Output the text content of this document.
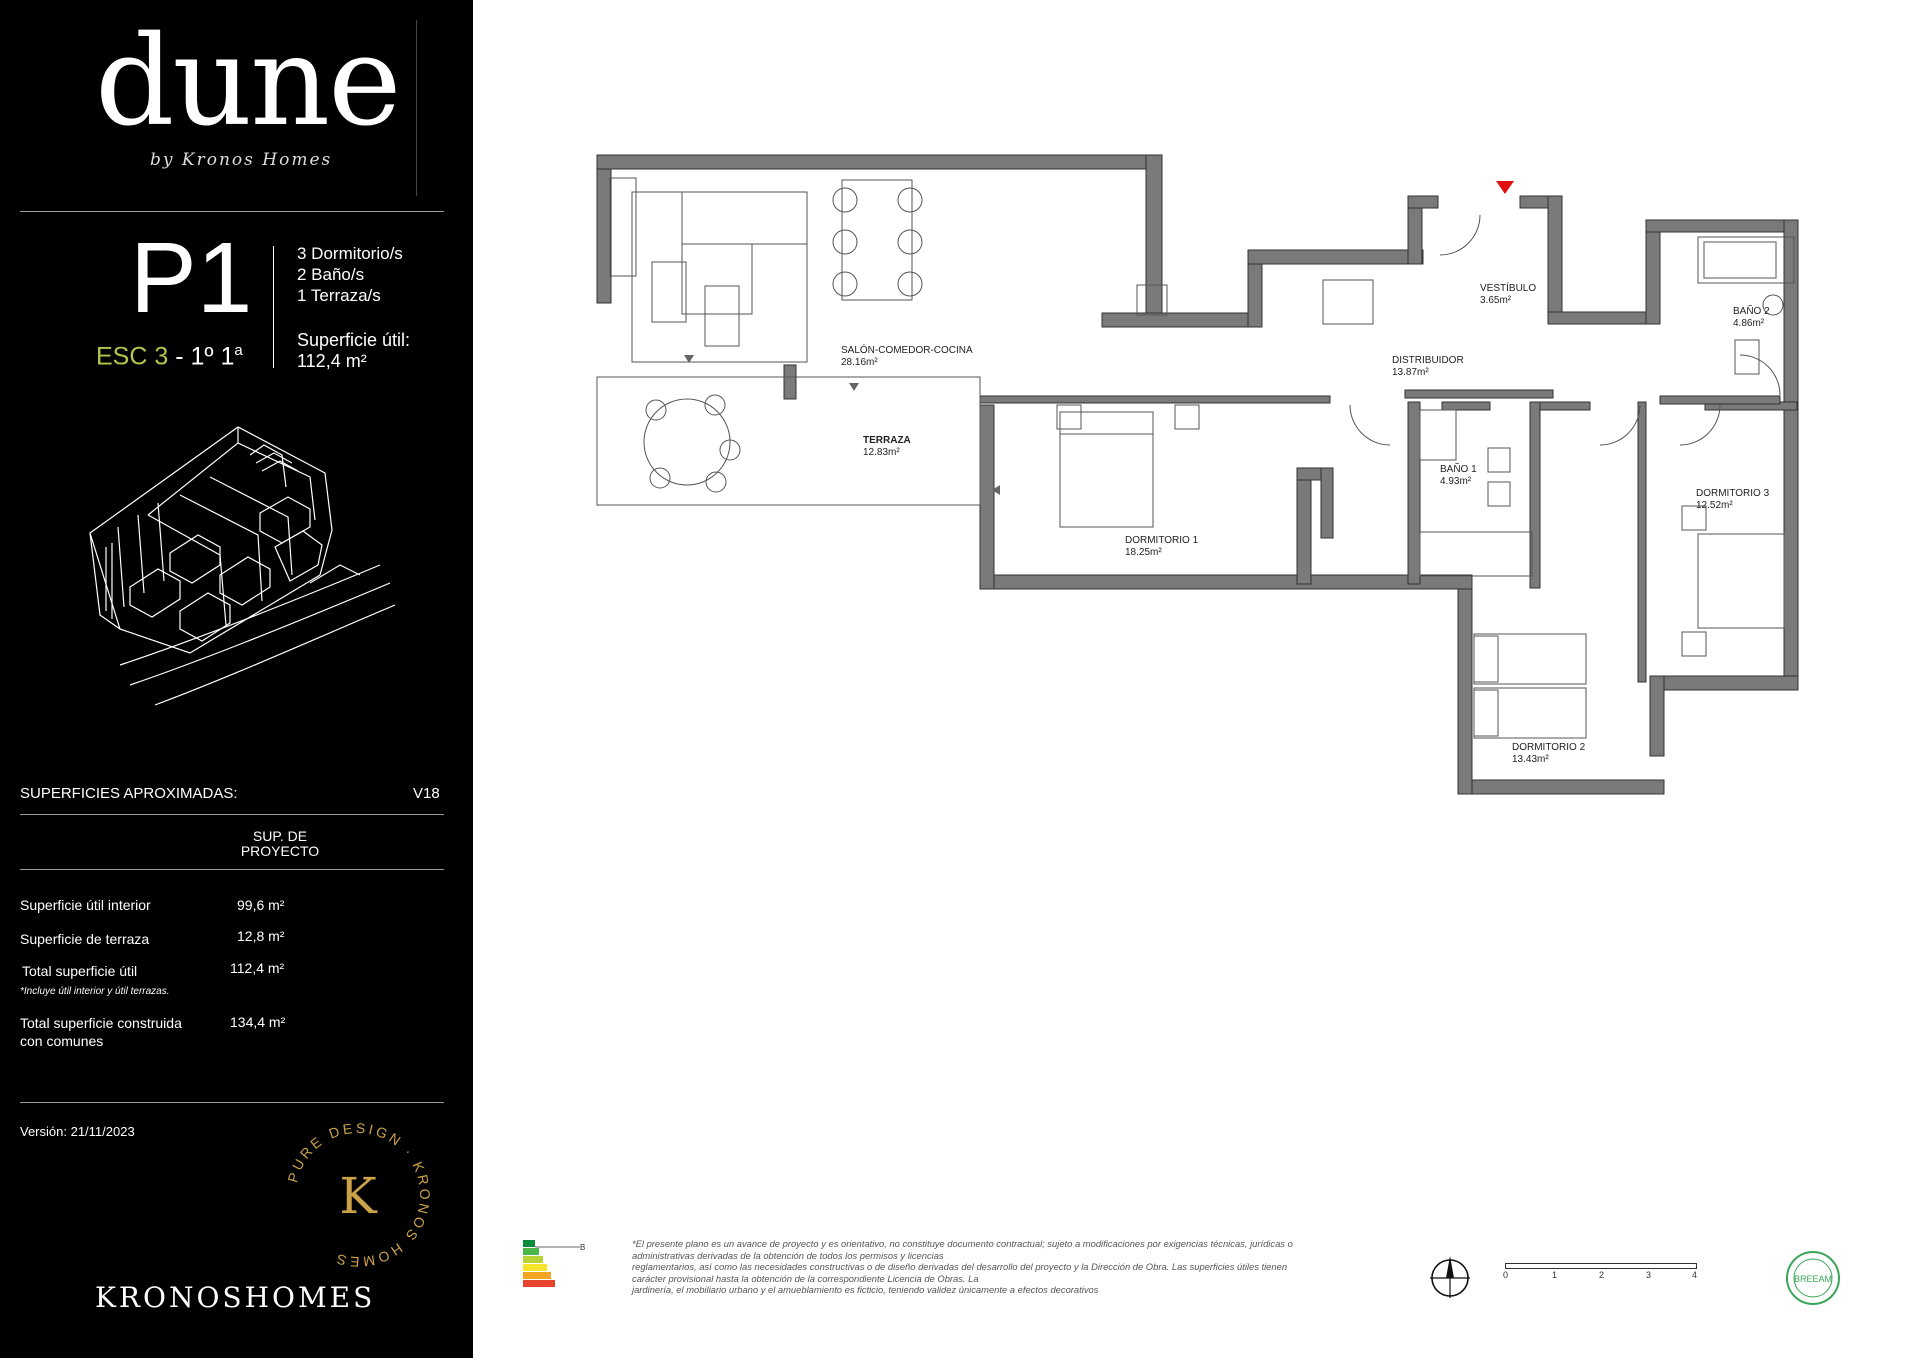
dune
by Kronos Homes
P1
ESC 3 - 1º 1$^a$
3 Dormitorio/s
2 Baño/s
1 Terraza/s
Superficie útil:
112,4 m²
SUPERFICIES APROXIMADAS:	V18
SUP. DE
PROYECTO
Superficie útil interior	99,6 m²
Superficie de terraza	12,8 m²
Total superficie útil	112,4 m²
*Incluye útil interior y útil terrazas.
Total superficie construida
con comunes
134,4 m²
Versión: 21/11/2023
PURE DESIGN · KRONOS HOMES
K
KRONOSHOMES
SALÓN-COMEDOR-COCINA
28.16m²
TERRAZA
12.83m²
VESTÍBULO
3.65m²
DISTRIBUIDOR
13.87m²
BAÑO 2
4.86m²
BAÑO 1
4.93m²
DORMITORIO 1
18.25m²
DORMITORIO 3
12.52m²
DORMITORIO 2
13.43m²
B	*El presente plano es un avance de proyecto y es orientativo, no constituye documento contractual; sujeto a modificaciones por exigencias técnicas, jurídicas o
administrativas derivadas de la obtención de todos los permisos y licencias
reglamentarios, así como las necesidades constructivas o de diseño derivadas del desarrollo del proyecto y la Dirección de Obra. Las superficies útiles tienen
carácter provisional hasta la obtención de la correspondiente Licencia de Obras. La
jardinería, el mobiliario urbano y el amueblamiento es ficticio, teniendo validez únicamente a efectos decorativos
0	1	2	3	4	BREEAM
